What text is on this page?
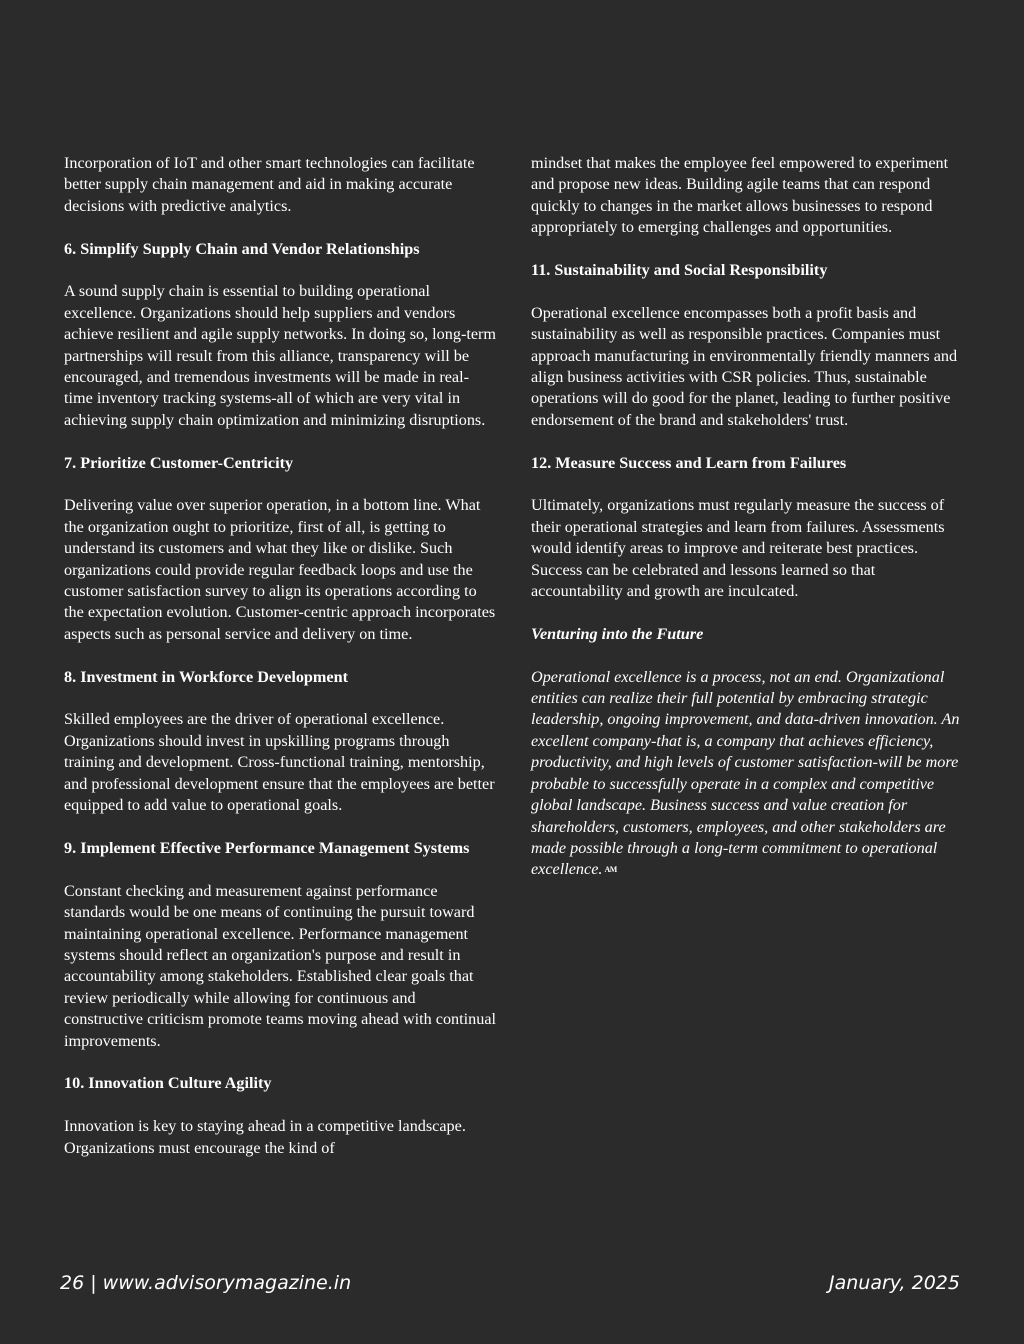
Incorporation of IoT and other smart technologies can facilitate better supply chain management and aid in making accurate decisions with predictive analytics.

6. Simplify Supply Chain and Vendor Relationships

A sound supply chain is essential to building operational excellence. Organizations should help suppliers and vendors achieve resilient and agile supply networks. In doing so, long-term partnerships will result from this alliance, transparency will be encouraged, and tremendous investments will be made in real-time inventory tracking systems-all of which are very vital in achieving supply chain optimization and minimizing disruptions.

7. Prioritize Customer-Centricity

Delivering value over superior operation, in a bottom line. What the organization ought to prioritize, first of all, is getting to understand its customers and what they like or dislike. Such organizations could provide regular feedback loops and use the customer satisfaction survey to align its operations according to the expectation evolution. Customer-centric approach incorporates aspects such as personal service and delivery on time.

8. Investment in Workforce Development

Skilled employees are the driver of operational excellence. Organizations should invest in upskilling programs through training and development. Cross-functional training, mentorship, and professional development ensure that the employees are better equipped to add value to operational goals.

9. Implement Effective Performance Management Systems

Constant checking and measurement against performance standards would be one means of continuing the pursuit toward maintaining operational excellence. Performance management systems should reflect an organization's purpose and result in accountability among stakeholders. Established clear goals that review periodically while allowing for continuous and constructive criticism promote teams moving ahead with continual improvements.

10. Innovation Culture Agility

Innovation is key to staying ahead in a competitive landscape. Organizations must encourage the kind of

mindset that makes the employee feel empowered to experiment and propose new ideas. Building agile teams that can respond quickly to changes in the market allows businesses to respond appropriately to emerging challenges and opportunities.

11. Sustainability and Social Responsibility

Operational excellence encompasses both a profit basis and sustainability as well as responsible practices. Companies must approach manufacturing in environmentally friendly manners and align business activities with CSR policies. Thus, sustainable operations will do good for the planet, leading to further positive endorsement of the brand and stakeholders' trust.

12. Measure Success and Learn from Failures

Ultimately, organizations must regularly measure the success of their operational strategies and learn from failures. Assessments would identify areas to improve and reiterate best practices. Success can be celebrated and lessons learned so that accountability and growth are inculcated.

Venturing into the Future

Operational excellence is a process, not an end. Organizational entities can realize their full potential by embracing strategic leadership, ongoing improvement, and data-driven innovation. An excellent company-that is, a company that achieves efficiency, productivity, and high levels of customer satisfaction-will be more probable to successfully operate in a complex and competitive global landscape. Business success and value creation for shareholders, customers, employees, and other stakeholders are made possible through a long-term commitment to operational excellence. AM

26 | www.advisorymagazine.in	January, 2025
